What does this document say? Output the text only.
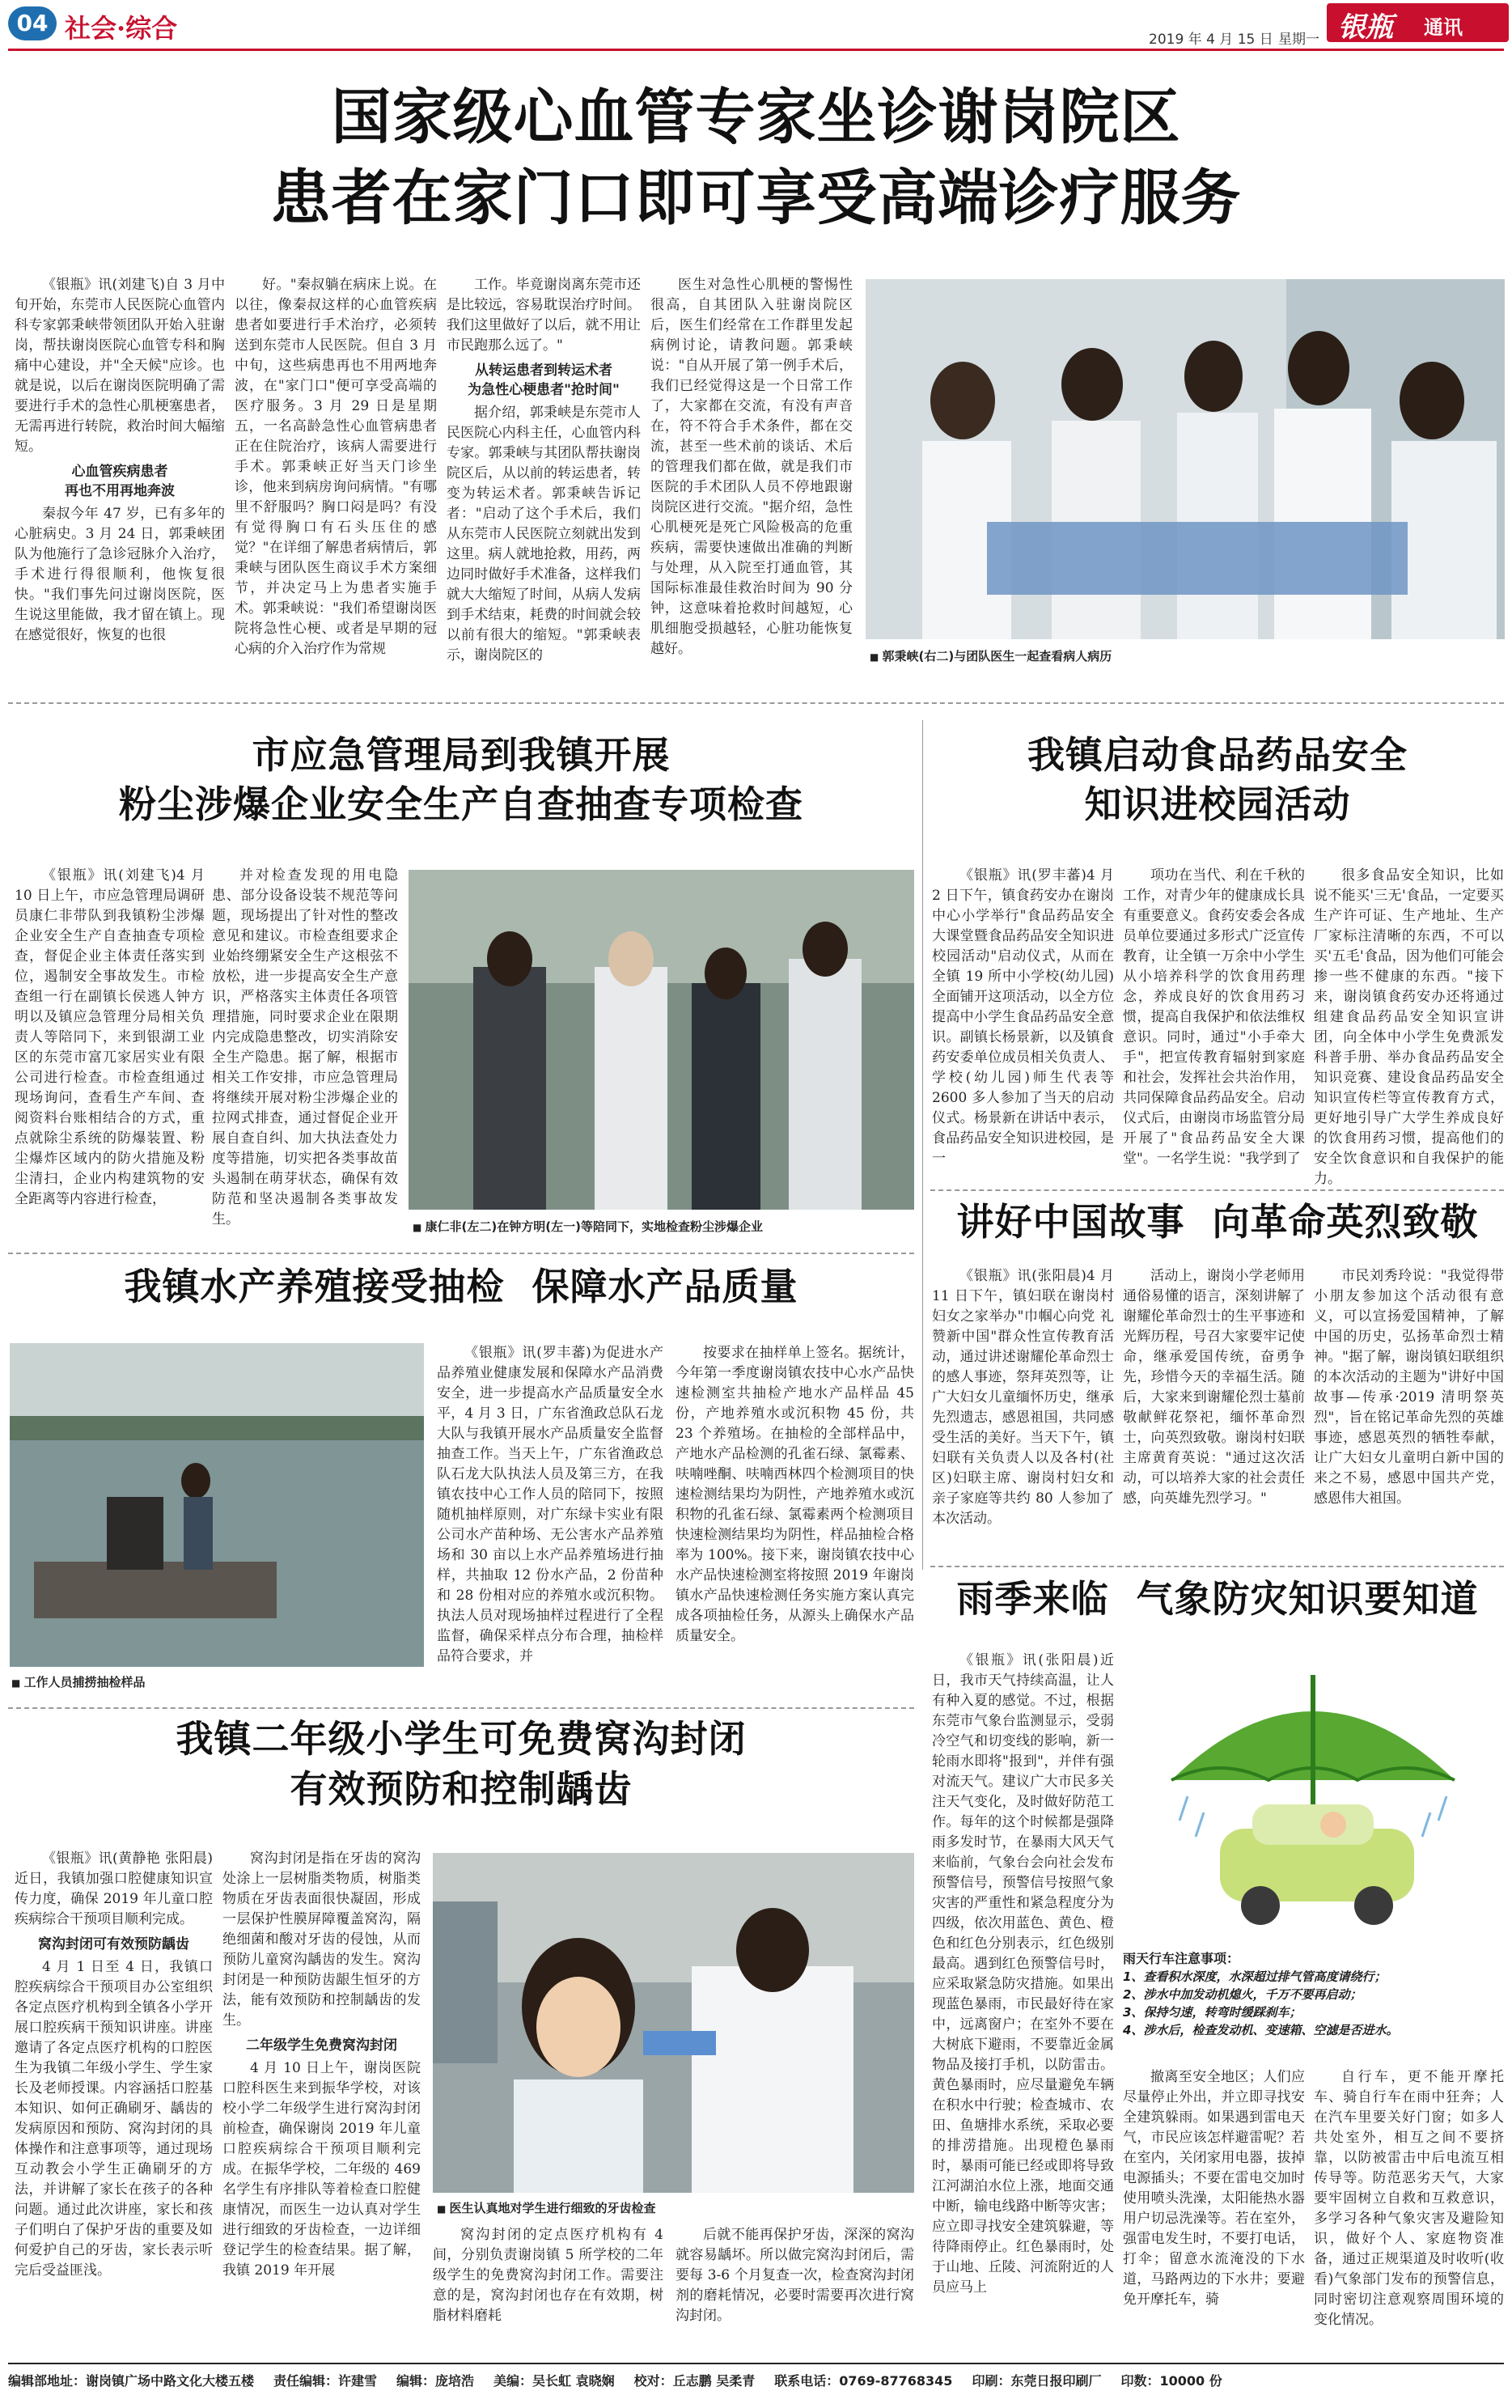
04 社会·综合	2019 年 4 月 15 日 星期一 银瓶 通讯
国家级心血管专家坐诊谢岗院区
患者在家门口即可享受高端诊疗服务

《银瓶》讯(刘建飞)自 3 月中旬开始，东莞市人民医院心血管内科专家郭秉峡带领团队开始入驻谢岗，帮扶谢岗医院心血管专科和胸痛中心建设，并"全天候"应诊。也就是说，以后在谢岗医院明确了需要进行手术的急性心肌梗塞患者，无需再进行转院，救治时间大幅缩短。

心血管疾病患者
再也不用再地奔波

秦叔今年 47 岁，已有多年的心脏病史。3 月 24 日，郭秉峡团队为他施行了急诊冠脉介入治疗，手术进行得很顺利，他恢复很快。"我们事先问过谢岗医院，医生说这里能做，我才留在镇上。现在感觉很好，恢复的也很

好。"秦叔躺在病床上说。在以往，像秦叔这样的心血管疾病患者如要进行手术治疗，必须转送到东莞市人民医院。但自 3 月中旬，这些病患再也不用两地奔波，在"家门口"便可享受高端的医疗服务。3 月 29 日是星期五，一名高龄急性心血管病患者正在住院治疗，该病人需要进行手术。郭秉峡正好当天门诊坐诊，他来到病房询问病情。"有哪里不舒服吗？胸口闷是吗？有没有觉得胸口有石头压住的感觉？"在详细了解患者病情后，郭秉峡与团队医生商议手术方案细节，并决定马上为患者实施手术。郭秉峡说："我们希望谢岗医院将急性心梗、或者是早期的冠心病的介入治疗作为常规

工作。毕竟谢岗离东莞市还是比较远，容易耽误治疗时间。我们这里做好了以后，就不用让市民跑那么远了。"

从转运患者到转运术者
为急性心梗患者"抢时间"

据介绍，郭秉峡是东莞市人民医院心内科主任，心血管内科专家。郭秉峡与其团队帮扶谢岗院区后，从以前的转运患者，转变为转运术者。郭秉峡告诉记者："启动了这个手术后，我们从东莞市人民医院立刻就出发到这里。病人就地抢救，用药，两边同时做好手术准备，这样我们就大大缩短了时间，从病人发病到手术结束，耗费的时间就会较以前有很大的缩短。"郭秉峡表示，谢岗院区的

医生对急性心肌梗的警惕性很高，自其团队入驻谢岗院区后，医生们经常在工作群里发起病例讨论，请教问题。郭秉峡说："自从开展了第一例手术后，我们已经觉得这是一个日常工作了，大家都在交流，有没有声音在，符不符合手术条件，都在交流，甚至一些术前的谈话、术后的管理我们都在做，就是我们市医院的手术团队人员不停地跟谢岗院区进行交流。"据介绍，急性心肌梗死是死亡风险极高的危重疾病，需要快速做出准确的判断与处理，从入院至打通血管，其国际标准最佳救治时间为 90 分钟，这意味着抢救时间越短，心肌细胞受损越轻，心脏功能恢复越好。	■ 郭秉峡(右二)与团队医生一起查看病人病历
市应急管理局到我镇开展
粉尘涉爆企业安全生产自查抽查专项检查

《银瓶》讯(刘建飞)4 月 10 日上午，市应急管理局调研员康仁非带队到我镇粉尘涉爆企业安全生产自查抽查专项检查，督促企业主体责任落实到位，遏制安全事故发生。市检查组一行在副镇长侯逃人钟方明以及镇应急管理分局相关负责人等陪同下，来到银湖工业区的东莞市富兀家居实业有限公司进行检查。市检查组通过现场询问，查看生产车间、查阅资料台账相结合的方式，重点就除尘系统的防爆装置、粉尘爆炸区域内的防火措施及粉尘清扫，企业内构建筑物的安全距离等内容进行检查，

并对检查发现的用电隐患、部分设备设装不规范等问题，现场提出了针对性的整改意见和建议。市检查组要求企业始终绷紧安全生产这根弦不放松，进一步提高安全生产意识，严格落实主体责任各项管理措施，同时要求企业在限期内完成隐患整改，切实消除安全生产隐患。据了解，根据市相关工作安排，市应急管理局将继续开展对粉尘涉爆企业的拉网式排查，通过督促企业开展自查自纠、加大执法查处力度等措施，切实把各类事故苗头遏制在萌芽状态，确保有效防范和坚决遏制各类事故发生。	■ 康仁非(左二)在钟方明(左一)等陪同下，实地检查粉尘涉爆企业
我镇启动食品药品安全
知识进校园活动

《银瓶》讯(罗丰蕃)4 月 2 日下午，镇食药安办在谢岗中心小学举行"食品药品安全大课堂暨食品药品安全知识进校园活动"启动仪式，从而在全镇 19 所中小学校(幼儿园)全面铺开这项活动，以全方位提高中小学生食品药品安全意识。副镇长杨景新，以及镇食药安委单位成员相关负责人、学校(幼儿园)师生代表等 2600 多人参加了当天的启动仪式。杨景新在讲话中表示，食品药品安全知识进校园，是一

项功在当代、利在千秋的工作，对青少年的健康成长具有重要意义。食药安委会各成员单位要通过多形式广泛宣传教育，让全镇一万余中小学生从小培养科学的饮食用药理念，养成良好的饮食用药习惯，提高自我保护和依法维权意识。同时，通过"小手牵大手"，把宣传教育辐射到家庭和社会，发挥社会共治作用，共同保障食品药品安全。启动仪式后，由谢岗市场监管分局开展了"食品药品安全大课堂"。一名学生说："我学到了

很多食品安全知识，比如说不能买'三无'食品，一定要买生产许可证、生产地址、生产厂家标注清晰的东西，不可以买'五毛'食品，因为他们可能会掺一些不健康的东西。"接下来，谢岗镇食药安办还将通过组建食品药品安全知识宣讲团，向全体中小学生免费派发科普手册、举办食品药品安全知识竞赛、建设食品药品安全知识宣传栏等宣传教育方式，更好地引导广大学生养成良好的饮食用药习惯，提高他们的安全饮食意识和自我保护的能力。

讲好中国故事  向革命英烈致敬

《银瓶》讯(张阳晨)4 月 11 日下午，镇妇联在谢岗村妇女之家举办"巾帼心向党 礼赞新中国"群众性宣传教育活动，通过讲述谢耀伦革命烈士的感人事迹，祭拜英烈等，让广大妇女儿童缅怀历史，继承先烈遗志，感恩祖国，共同感受生活的美好。当天下午，镇妇联有关负责人以及各村(社区)妇联主席、谢岗村妇女和亲子家庭等共约 80 人参加了本次活动。

活动上，谢岗小学老师用通俗易懂的语言，深刻讲解了谢耀伦革命烈士的生平事迹和光辉历程，号召大家要牢记使命，继承爱国传统，奋勇争先，珍惜今天的幸福生活。随后，大家来到谢耀伦烈士墓前敬献鲜花祭祀，缅怀革命烈士，向英烈致敬。谢岗村妇联主席黄育英说："通过这次活动，可以培养大家的社会责任感，向英雄先烈学习。"

市民刘秀玲说："我觉得带小朋友参加这个活动很有意义，可以宣扬爱国精神，了解中国的历史，弘扬革命烈士精神。"据了解，谢岗镇妇联组织的本次活动的主题为"讲好中国故事—传承·2019 清明祭英烈"，旨在铭记革命先烈的英雄事迹，感恩英烈的牺牲奉献，让广大妇女儿童明白新中国的来之不易，感恩中国共产党，感恩伟大祖国。

我镇水产养殖接受抽检  保障水产品质量
■ 工作人员捕捞抽检样品

《银瓶》讯(罗丰蕃)为促进水产品养殖业健康发展和保障水产品消费安全，进一步提高水产品质量安全水平，4 月 3 日，广东省渔政总队石龙大队与我镇开展水产品质量安全监督抽查工作。当天上午，广东省渔政总队石龙大队执法人员及第三方，在我镇农技中心工作人员的陪同下，按照随机抽样原则，对广东绿卡实业有限公司水产苗种场、无公害水产品养殖场和 30 亩以上水产品养殖场进行抽样，共抽取 12 份水产品，2 份苗种和 28 份相对应的养殖水或沉积物。执法人员对现场抽样过程进行了全程监督，确保采样点分布合理，抽检样品符合要求，并

按要求在抽样单上签名。据统计，今年第一季度谢岗镇农技中心水产品快速检测室共抽检产地水产品样品 45 份，产地养殖水或沉积物 45 份，共 23 个养殖场。在抽检的全部样品中，产地水产品检测的孔雀石绿、氯霉素、呋喃唑酮、呋喃西林四个检测项目的快速检测结果均为阴性，产地养殖水或沉积物的孔雀石绿、氯霉素两个检测项目快速检测结果均为阴性，样品抽检合格率为 100%。接下来，谢岗镇农技中心水产品快速检测室将按照 2019 年谢岗镇水产品快速检测任务实施方案认真完成各项抽检任务，从源头上确保水产品质量安全。

雨季来临  气象防灾知识要知道

《银瓶》讯(张阳晨)近日，我市天气持续高温，让人有种入夏的感觉。不过，根据东莞市气象台监测显示，受弱冷空气和切变线的影响，新一轮雨水即将"报到"，并伴有强对流天气。建议广大市民多关注天气变化，及时做好防范工作。每年的这个时候都是强降雨多发时节，在暴雨大风天气来临前，气象台会向社会发布预警信号，预警信号按照气象灾害的严重性和紧急程度分为四级，依次用蓝色、黄色、橙色和红色分别表示，红色级别最高。遇到红色预警信号时，应采取紧急防灾措施。如果出现蓝色暴雨，市民最好待在家中，远离窗户；在室外不要在大树底下避雨，不要靠近金属物品及接打手机，以防雷击。黄色暴雨时，应尽量避免车辆在积水中行驶；检查城市、农田、鱼塘排水系统，采取必要的排涝措施。出现橙色暴雨时，暴雨可能已经或即将导致江河湖泊水位上涨，地面交通中断，输电线路中断等灾害；应立即寻找安全建筑躲避，等待降雨停止。红色暴雨时，处于山地、丘陵、河流附近的人员应马上

雨天行车注意事项：
1、查看积水深度，水深超过排气管高度请绕行；
2、涉水中加发动机熄火，千万不要再启动；
3、保持匀速，转弯时缓踩刹车；
4、涉水后，检查发动机、变速箱、空滤是否进水。

撤离至安全地区；人们应尽量停止外出，并立即寻找安全建筑躲雨。如果遇到雷电天气，市民应该怎样避雷呢？若在室内，关闭家用电器，拔掉电源插头；不要在雷电交加时使用喷头洗澡，太阳能热水器用户切忌洗澡等。若在室外，强雷电发生时，不要打电话，打伞；留意水流淹没的下水道，马路两边的下水井；要避免开摩托车，骑

自行车，更不能开摩托车、骑自行车在雨中狂奔；人在汽车里要关好门窗；如多人共处室外，相互之间不要挤靠，以防被雷击中后电流互相传导等。防范恶劣天气，大家要牢固树立自救和互救意识，多学习各种气象灾害及避险知识，做好个人、家庭物资准备，通过正规渠道及时收听(收看)气象部门发布的预警信息，同时密切注意观察周围环境的变化情况。

我镇二年级小学生可免费窝沟封闭
有效预防和控制龋齿

《银瓶》讯(黄静艳 张阳晨)近日，我镇加强口腔健康知识宣传力度，确保 2019 年儿童口腔疾病综合干预项目顺利完成。

窝沟封闭可有效预防龋齿

4 月 1 日至 4 日，我镇口腔疾病综合干预项目办公室组织各定点医疗机构到全镇各小学开展口腔疾病干预知识讲座。讲座邀请了各定点医疗机构的口腔医生为我镇二年级小学生、学生家长及老师授课。内容涵括口腔基本知识、如何正确刷牙、龋齿的发病原因和预防、窝沟封闭的具体操作和注意事项等，通过现场互动教会小学生正确刷牙的方法，并讲解了家长在孩子的各种问题。通过此次讲座，家长和孩子们明白了保护牙齿的重要及如何爱护自己的牙齿，家长表示听完后受益匪浅。

窝沟封闭是指在牙齿的窝沟处涂上一层树脂类物质，树脂类物质在牙齿表面很快凝固，形成一层保护性膜屏障覆盖窝沟，隔绝细菌和酸对牙齿的侵蚀，从而预防儿童窝沟龋齿的发生。窝沟封闭是一种预防齿龈生恒牙的方法，能有效预防和控制龋齿的发生。

二年级学生免费窝沟封闭

4 月 10 日上午，谢岗医院口腔科医生来到振华学校，对该校小学二年级学生进行窝沟封闭前检查，确保谢岗 2019 年儿童口腔疾病综合干预项目顺利完成。在振华学校，二年级的 469 名学生有序排队等着检查口腔健康情况，而医生一边认真对学生进行细致的牙齿检查，一边详细登记学生的检查结果。据了解，我镇 2019 年开展

■ 医生认真地对学生进行细致的牙齿检查

窝沟封闭的定点医疗机构有 4 间，分别负责谢岗镇 5 所学校的二年级学生的免费窝沟封闭工作。需要注意的是，窝沟封闭也存在有效期，树脂材料磨耗

后就不能再保护牙齿，深深的窝沟就容易龋坏。所以做完窝沟封闭后，需要每 3-6 个月复查一次，检查窝沟封闭剂的磨耗情况，必要时需要再次进行窝沟封闭。

编辑部地址：谢岗镇广场中路文化大楼五楼 责任编辑：许建雪 编辑：庞培浩 美编：吴长虹 袁晓娴 校对：丘志鹏 吴柔青 联系电话：0769-87768345 印刷：东莞日报印刷厂 印数：10000 份
